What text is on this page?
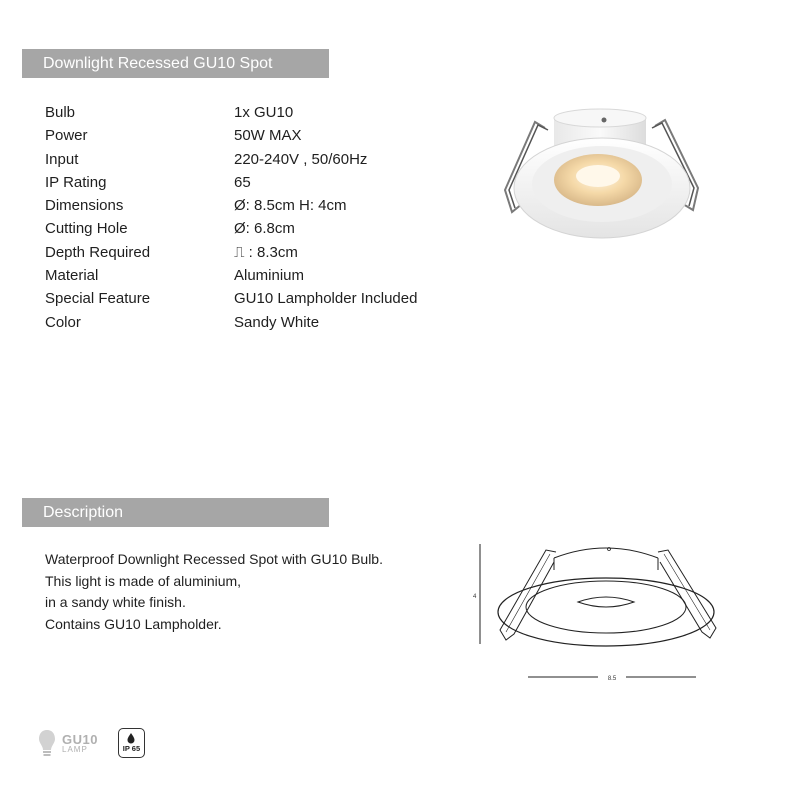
Downlight Recessed GU10 Spot
Bulb	1x GU10
Power	50W MAX
Input	220-240V , 50/60Hz
IP Rating	65
Dimensions	Ø: 8.5cm H: 4cm
Cutting Hole	Ø: 6.8cm
Depth Required	⎍ : 8.3cm
Material	Aluminium
Special Feature	GU10 Lampholder Included
Color	Sandy White
Description
Waterproof Downlight Recessed Spot with GU10 Bulb.
This light is made of aluminium,
in a sandy white finish.
Contains GU10 Lampholder.
4
8.5
GU10
LAMP	IP 65
